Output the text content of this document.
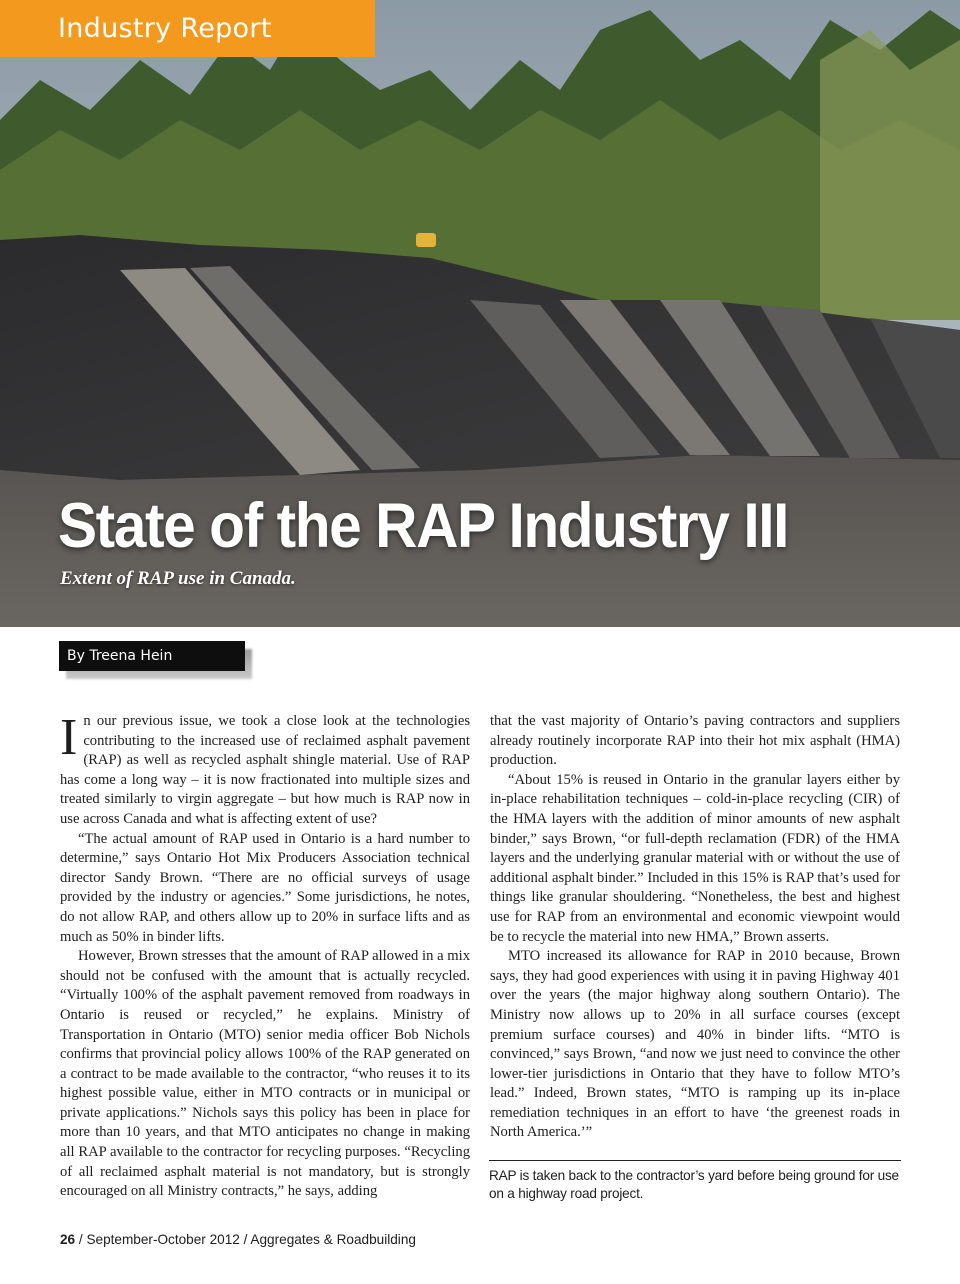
Industry Report
State of the RAP Industry III

Extent of RAP use in Canada.

By Treena Hein

In our previous issue, we took a close look at the technologies contributing to the increased use of reclaimed asphalt pavement (RAP) as well as recycled asphalt shingle material. Use of RAP has come a long way – it is now fractionated into multiple sizes and treated similarly to virgin aggregate – but how much is RAP now in use across Canada and what is affecting extent of use?

“The actual amount of RAP used in Ontario is a hard number to determine,” says Ontario Hot Mix Producers Association technical director Sandy Brown. “There are no official surveys of usage provided by the industry or agencies.” Some jurisdictions, he notes, do not allow RAP, and others allow up to 20% in surface lifts and as much as 50% in binder lifts.

However, Brown stresses that the amount of RAP allowed in a mix should not be confused with the amount that is actually recycled. “Virtually 100% of the asphalt pavement removed from roadways in Ontario is reused or recycled,” he explains. Ministry of Transportation in Ontario (MTO) senior media officer Bob Nichols confirms that provincial policy allows 100% of the RAP generated on a contract to be made available to the contractor, “who reuses it to its highest possible value, either in MTO contracts or in municipal or private applications.” Nichols says this policy has been in place for more than 10 years, and that MTO anticipates no change in making all RAP available to the contractor for recycling purposes. “Recycling of all reclaimed asphalt material is not mandatory, but is strongly encouraged on all Ministry contracts,” he says, adding

that the vast majority of Ontario’s paving contractors and suppliers already routinely incorporate RAP into their hot mix asphalt (HMA) production.

“About 15% is reused in Ontario in the granular layers either by in-place rehabilitation techniques – cold-in-place recycling (CIR) of the HMA layers with the addition of minor amounts of new asphalt binder,” says Brown, “or full-depth reclamation (FDR) of the HMA layers and the underlying granular material with or without the use of additional asphalt binder.” Included in this 15% is RAP that’s used for things like granular shouldering. “Nonetheless, the best and highest use for RAP from an environmental and economic viewpoint would be to recycle the material into new HMA,” Brown asserts.

MTO increased its allowance for RAP in 2010 because, Brown says, they had good experiences with using it in paving Highway 401 over the years (the major highway along southern Ontario). The Ministry now allows up to 20% in all surface courses (except premium surface courses) and 40% in binder lifts. “MTO is convinced,” says Brown, “and now we just need to convince the other lower-tier jurisdictions in Ontario that they have to follow MTO’s lead.” Indeed, Brown states, “MTO is ramping up its in-place remediation techniques in an effort to have ‘the greenest roads in North America.’”

RAP is taken back to the contractor’s yard before being ground for use on a highway road project.

26 / September-October 2012 / Aggregates & Roadbuilding
